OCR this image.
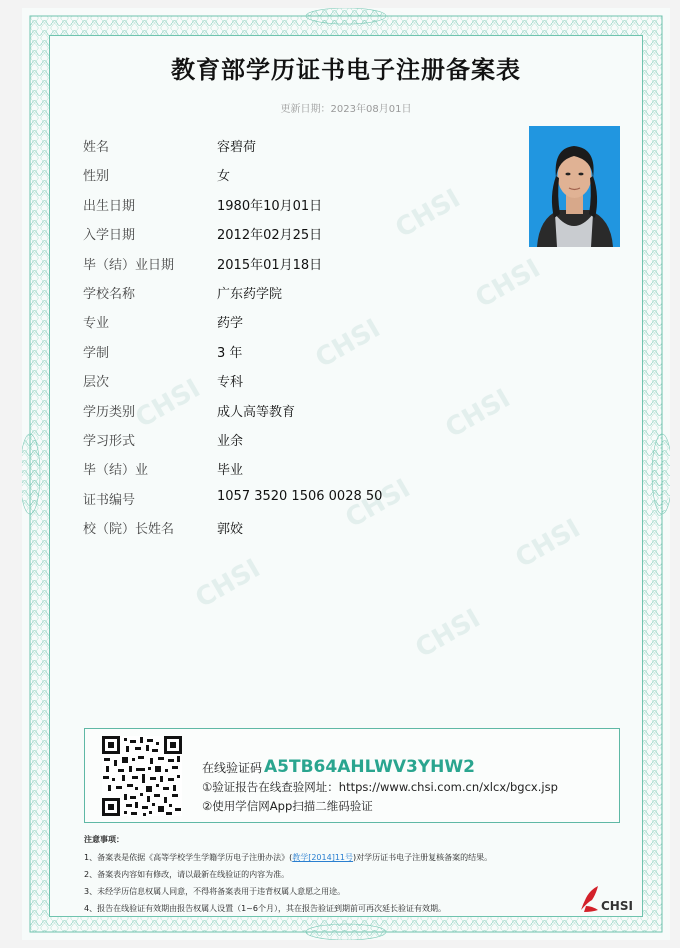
CHSI
CHSI
CHSI
CHSI
CHSI
CHSI
CHSI
CHSI
CHSI
教育部学历证书电子注册备案表
更新日期：2023年08月01日
姓名	容碧荷
性别	女
出生日期	1980年10月01日
入学日期	2012年02月25日
毕（结）业日期	2015年01月18日
学校名称	广东药学院
专业	药学
学制	3 年
层次	专科
学历类别	成人高等教育
学习形式	业余
毕（结）业	毕业
证书编号	1057 3520 1506 0028 50
校（院）长姓名	郭姣
在线验证码 A5TB64AHLWV3YHW2
①验证报告在线查验网址：https://www.chsi.com.cn/xlcx/bgcx.jsp
②使用学信网App扫描二维码验证
注意事项：
1、备案表是依据《高等学校学生学籍学历电子注册办法》(教学[2014]11号)对学历证书电子注册复核备案的结果。
2、备案表内容如有修改，请以最新在线验证的内容为准。
3、未经学历信息权属人同意，不得将备案表用于违背权属人意愿之用途。
4、报告在线验证有效期由报告权属人设置（1~6个月），其在报告验证到期前可再次延长验证有效期。	CHSI
